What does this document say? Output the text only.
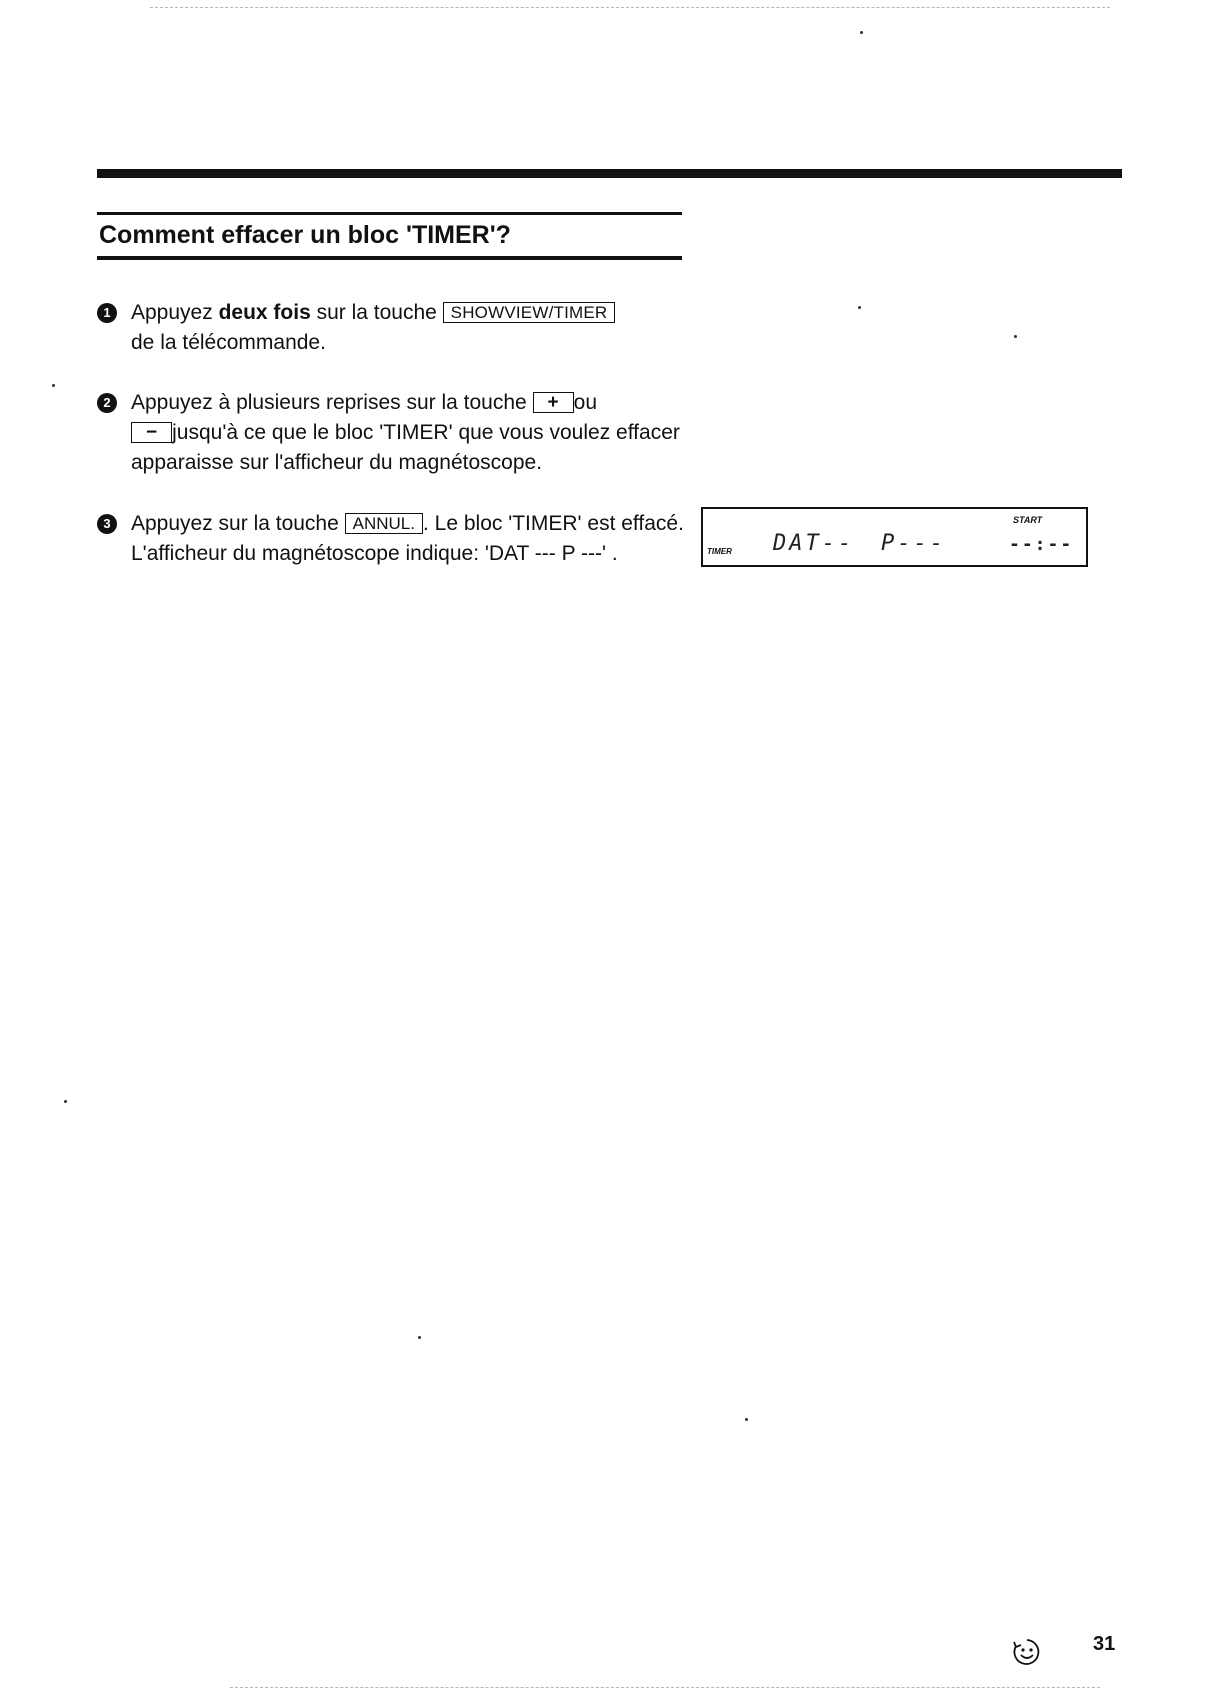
Comment effacer un bloc 'TIMER'?
1 Appuyez deux fois sur la touche SHOWVIEW/TIMER
de la télécommande.
2 Appuyez à plusieurs reprises sur la touche + ou
− jusqu'à ce que le bloc 'TIMER' que vous voulez effacer apparaisse sur l'afficheur du magnétoscope.
3 Appuyez sur la touche ANNUL. . Le bloc 'TIMER' est effacé. L'afficheur du magnétoscope indique: 'DAT --- P ---' .
START
TIMER DAT-- P---	--:--
31
